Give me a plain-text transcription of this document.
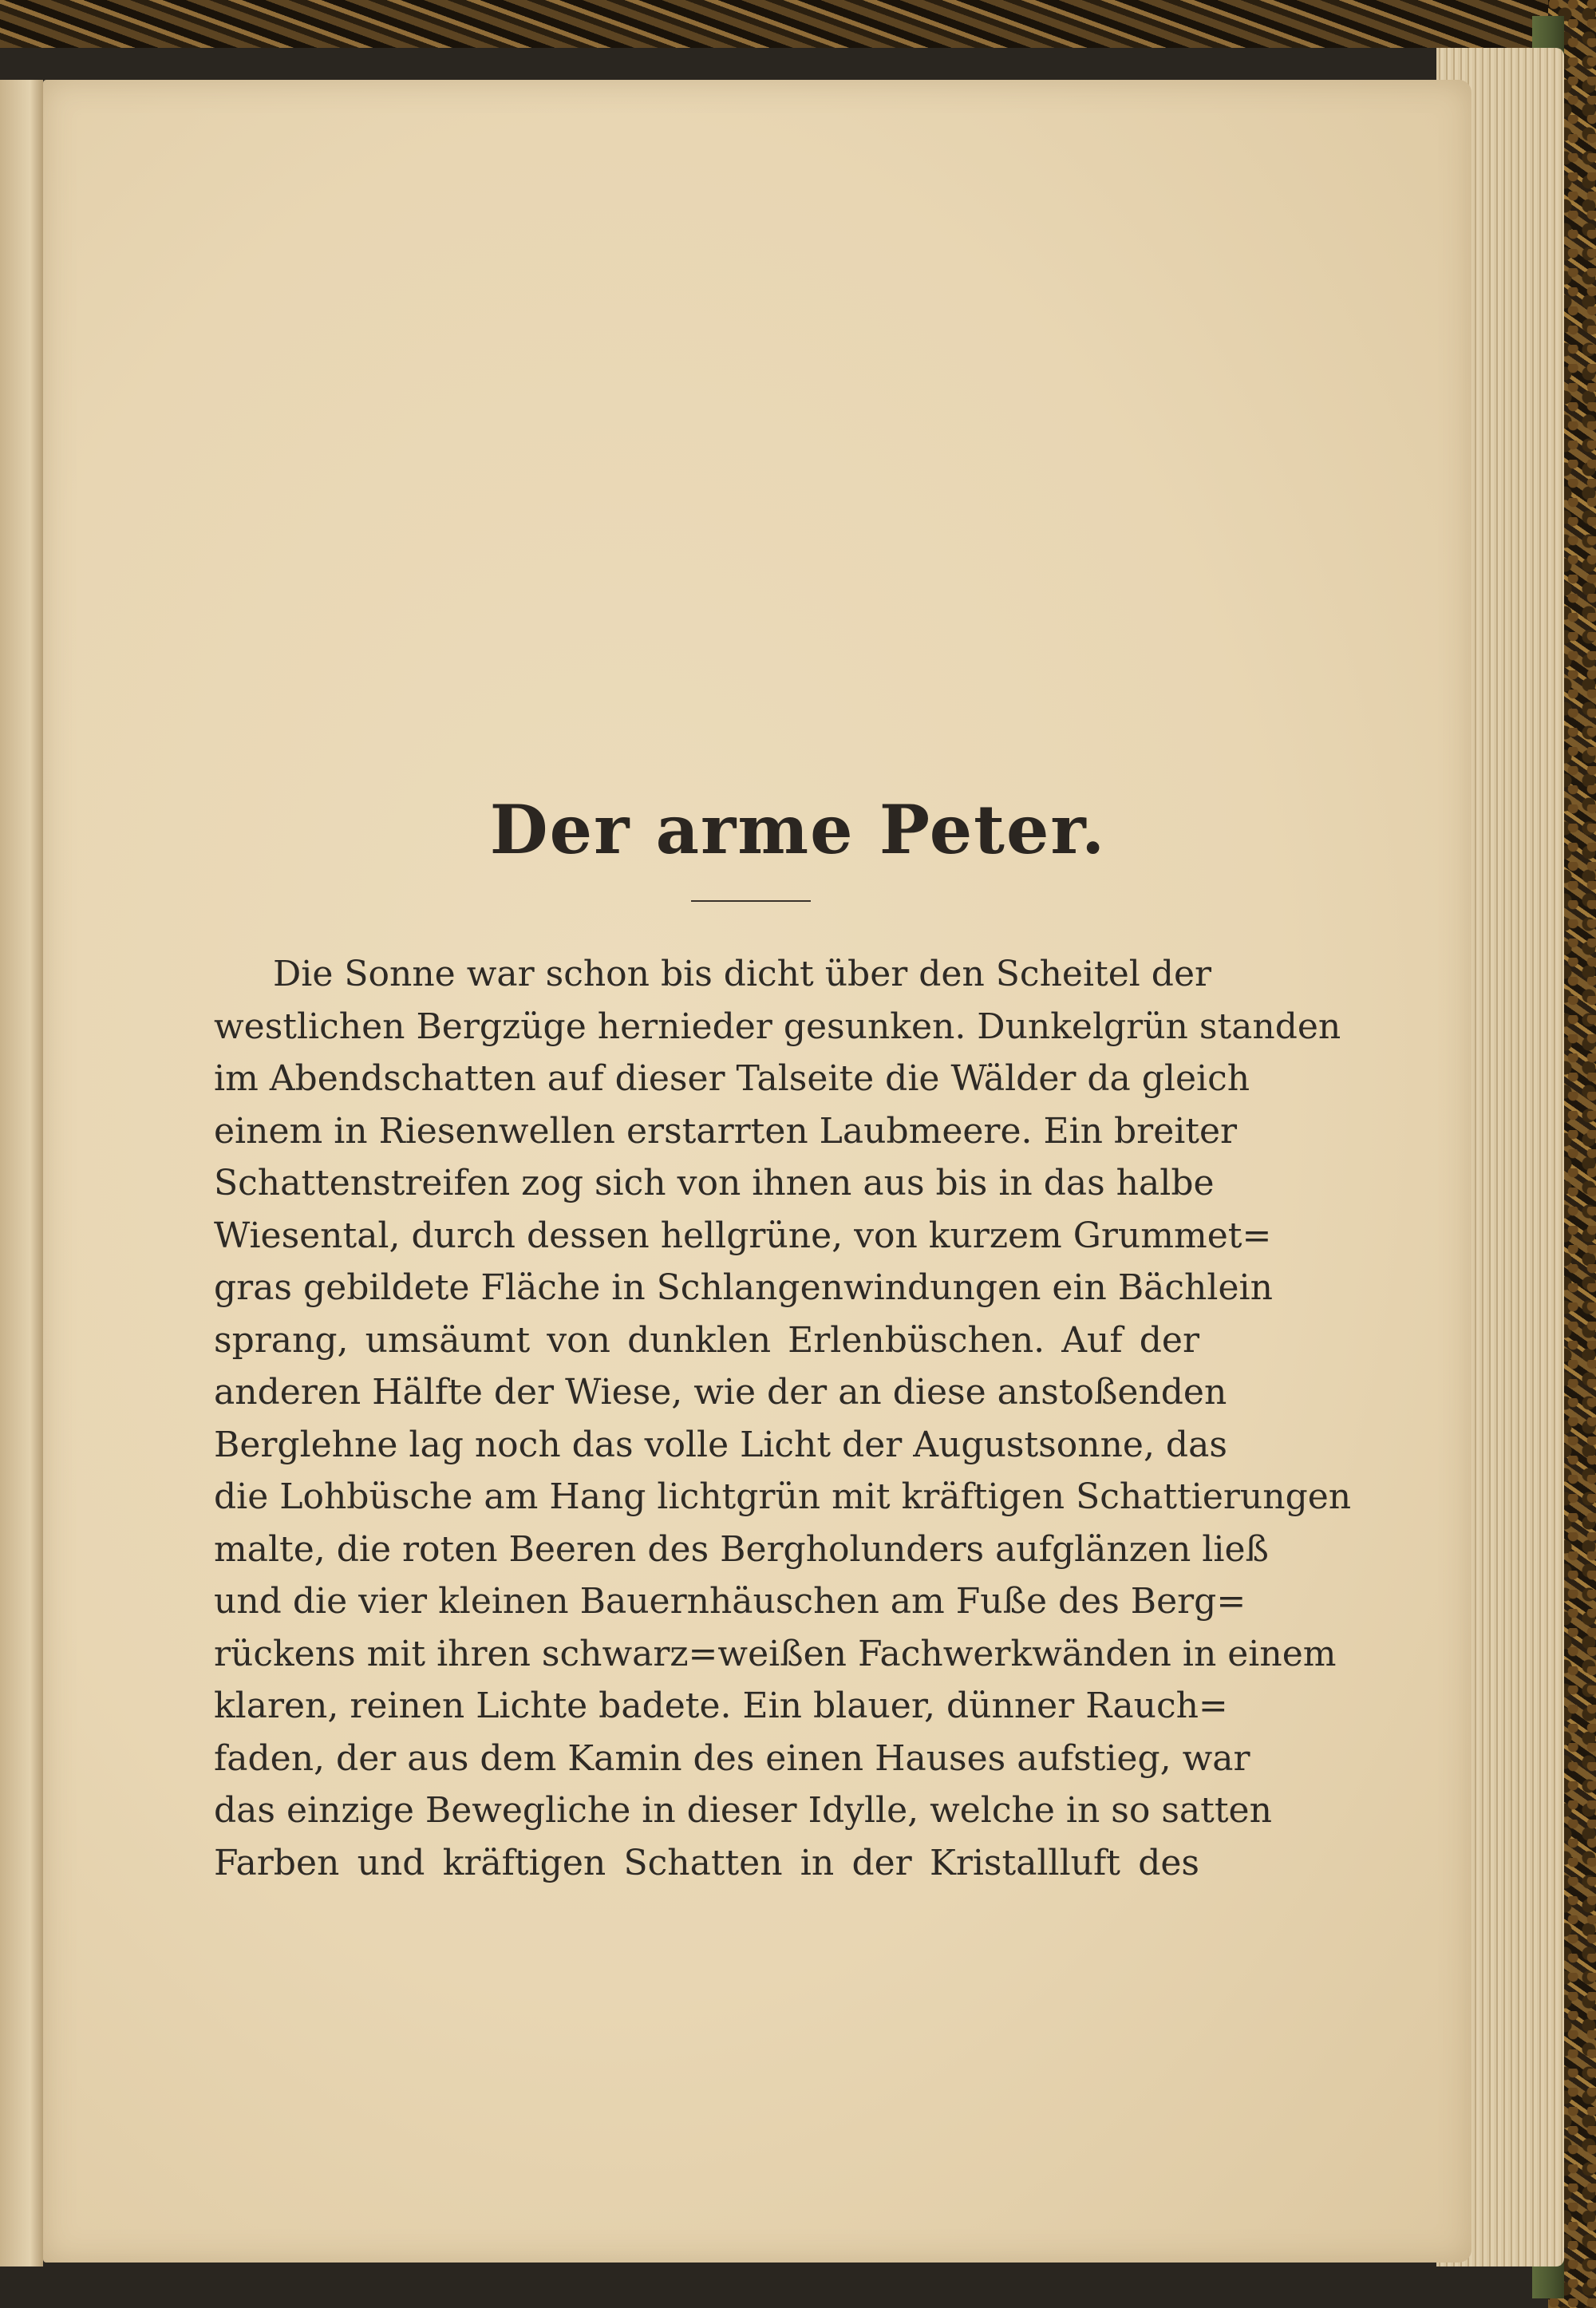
Der arme Peter.
Die Sonne war schon bis dicht über den Scheitel der
westlichen Bergzüge hernieder gesunken. Dunkelgrün standen
im Abendschatten auf dieser Talseite die Wälder da gleich
einem in Riesenwellen erstarrten Laubmeere. Ein breiter
Schattenstreifen zog sich von ihnen aus bis in das halbe
Wiesental, durch dessen hellgrüne, von kurzem Grummet=
gras gebildete Fläche in Schlangenwindungen ein Bächlein
sprang, umsäumt von dunklen Erlenbüschen. Auf der
anderen Hälfte der Wiese, wie der an diese anstoßenden
Berglehne lag noch das volle Licht der Augustsonne, das
die Lohbüsche am Hang lichtgrün mit kräftigen Schattierungen
malte, die roten Beeren des Bergholunders aufglänzen ließ
und die vier kleinen Bauernhäuschen am Fuße des Berg=
rückens mit ihren schwarz=weißen Fachwerkwänden in einem
klaren, reinen Lichte badete. Ein blauer, dünner Rauch=
faden, der aus dem Kamin des einen Hauses aufstieg, war
das einzige Bewegliche in dieser Idylle, welche in so satten
Farben und kräftigen Schatten in der Kristallluft des
